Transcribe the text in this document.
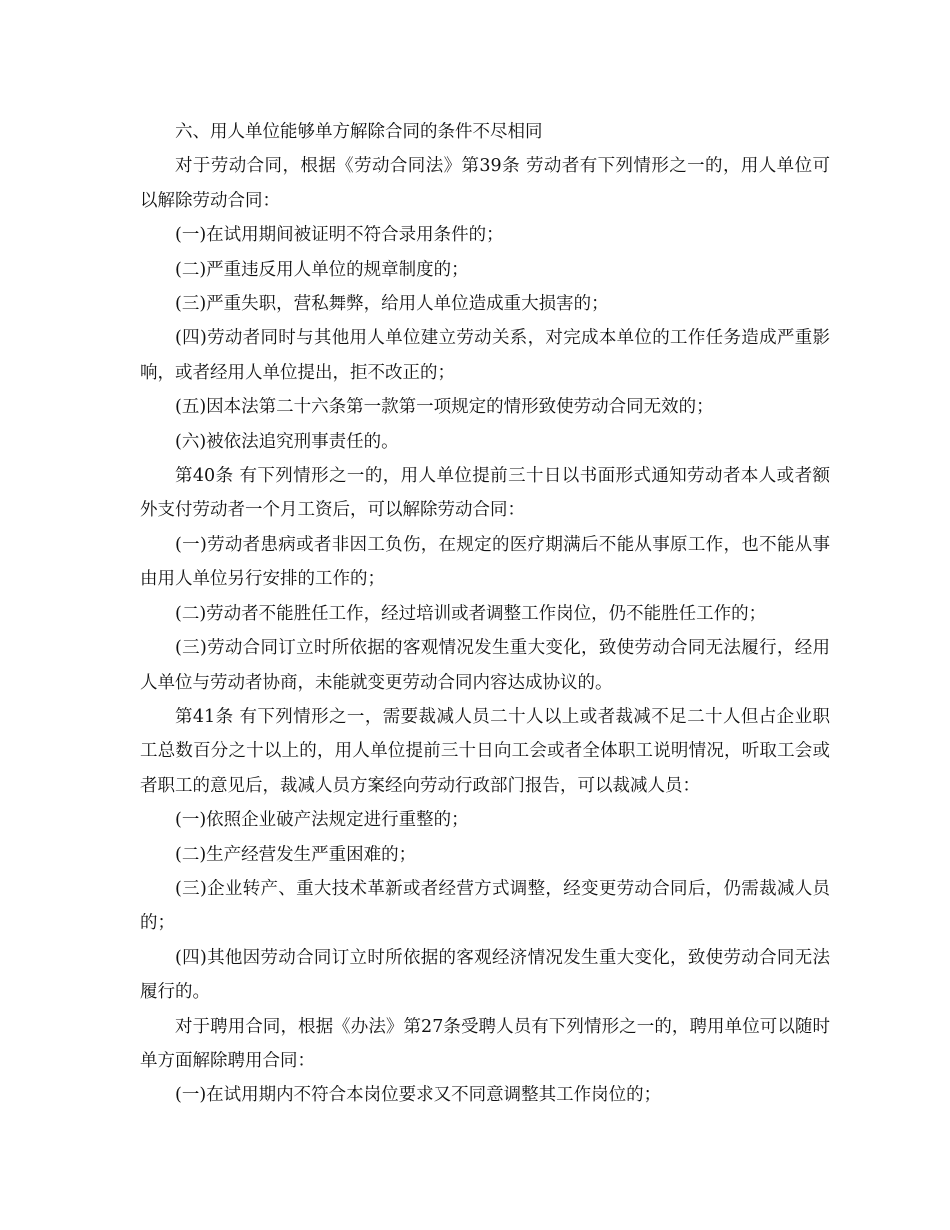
六、用人单位能够单方解除合同的条件不尽相同

对于劳动合同，根据《劳动合同法》第39条 劳动者有下列情形之一的，用人单位可以解除劳动合同：

(一)在试用期间被证明不符合录用条件的；

(二)严重违反用人单位的规章制度的；

(三)严重失职，营私舞弊，给用人单位造成重大损害的；

(四)劳动者同时与其他用人单位建立劳动关系，对完成本单位的工作任务造成严重影响，或者经用人单位提出，拒不改正的；

(五)因本法第二十六条第一款第一项规定的情形致使劳动合同无效的；

(六)被依法追究刑事责任的。

第40条 有下列情形之一的，用人单位提前三十日以书面形式通知劳动者本人或者额外支付劳动者一个月工资后，可以解除劳动合同：

(一)劳动者患病或者非因工负伤，在规定的医疗期满后不能从事原工作，也不能从事由用人单位另行安排的工作的；

(二)劳动者不能胜任工作，经过培训或者调整工作岗位，仍不能胜任工作的；

(三)劳动合同订立时所依据的客观情况发生重大变化，致使劳动合同无法履行，经用人单位与劳动者协商，未能就变更劳动合同内容达成协议的。

第41条 有下列情形之一，需要裁减人员二十人以上或者裁减不足二十人但占企业职工总数百分之十以上的，用人单位提前三十日向工会或者全体职工说明情况，听取工会或者职工的意见后，裁减人员方案经向劳动行政部门报告，可以裁减人员：

(一)依照企业破产法规定进行重整的；

(二)生产经营发生严重困难的；

(三)企业转产、重大技术革新或者经营方式调整，经变更劳动合同后，仍需裁减人员的；

(四)其他因劳动合同订立时所依据的客观经济情况发生重大变化，致使劳动合同无法履行的。

对于聘用合同，根据《办法》第27条受聘人员有下列情形之一的，聘用单位可以随时单方面解除聘用合同：

(一)在试用期内不符合本岗位要求又不同意调整其工作岗位的；
